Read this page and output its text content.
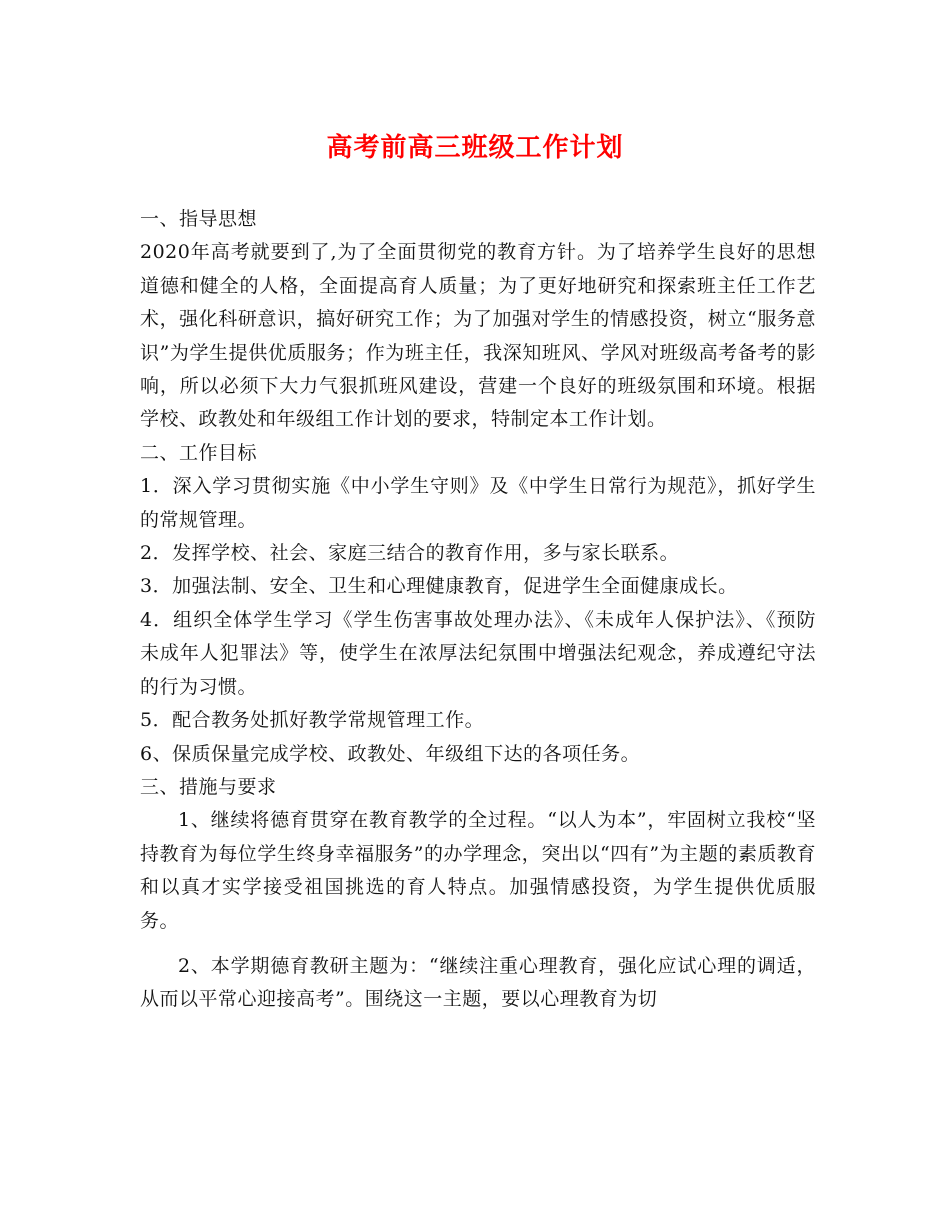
高考前高三班级工作计划

一、指导思想

2020年高考就要到了,为了全面贯彻党的教育方针。为了培养学生良好的思想道德和健全的人格，全面提高育人质量；为了更好地研究和探索班主任工作艺术，强化科研意识，搞好研究工作；为了加强对学生的情感投资，树立“服务意识”为学生提供优质服务；作为班主任，我深知班风、学风对班级高考备考的影响，所以必须下大力气狠抓班风建设，营建一个良好的班级氛围和环境。根据学校、政教处和年级组工作计划的要求，特制定本工作计划。

二、工作目标

1．深入学习贯彻实施《中小学生守则》及《中学生日常行为规范》，抓好学生的常规管理。

2．发挥学校、社会、家庭三结合的教育作用，多与家长联系。

3．加强法制、安全、卫生和心理健康教育，促进学生全面健康成长。

4．组织全体学生学习《学生伤害事故处理办法》、《未成年人保护法》、《预防未成年人犯罪法》等，使学生在浓厚法纪氛围中增强法纪观念，养成遵纪守法的行为习惯。

5．配合教务处抓好教学常规管理工作。

6、保质保量完成学校、政教处、年级组下达的各项任务。

三、措施与要求

1、继续将德育贯穿在教育教学的全过程。“以人为本”，牢固树立我校“坚持教育为每位学生终身幸福服务”的办学理念，突出以“四有”为主题的素质教育和以真才实学接受祖国挑选的育人特点。加强情感投资，为学生提供优质服务。

2、本学期德育教研主题为：“继续注重心理教育，强化应试心理的调适，从而以平常心迎接高考”。围绕这一主题，要以心理教育为切
